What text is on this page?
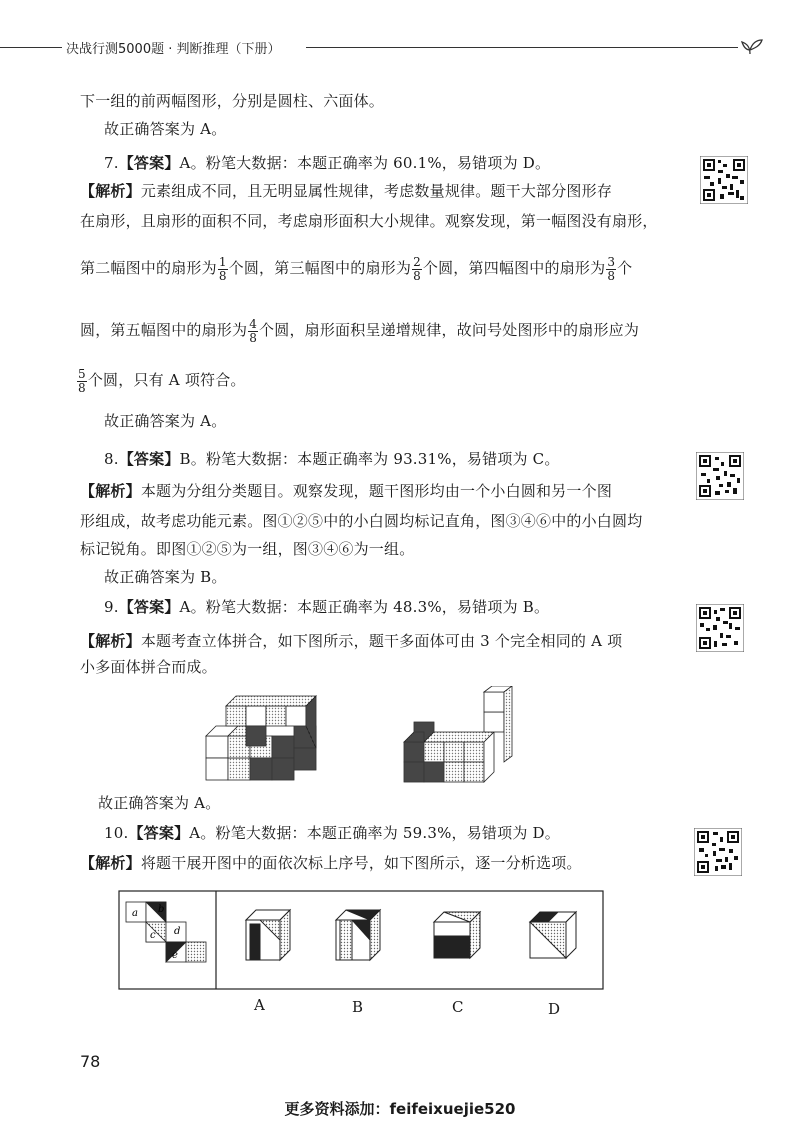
决战行测5000题 · 判断推理（下册）
下一组的前两幅图形，分别是圆柱、六面体。
故正确答案为 A。
7.【答案】A。粉笔大数据：本题正确率为 60.1%，易错项为 D。
【解析】元素组成不同，且无明显属性规律，考虑数量规律。题干大部分图形存
在扇形，且扇形的面积不同，考虑扇形面积大小规律。观察发现，第一幅图没有扇形，
第二幅图中的扇形为 $\frac{1}{8}$ 个圆，第三幅图中的扇形为 $\frac{2}{8}$ 个圆，第四幅图中的扇形为 $\frac{3}{8}$ 个
圆，第五幅图中的扇形为 $\frac{4}{8}$ 个圆，扇形面积呈递增规律，故问号处图形中的扇形应为
$\frac{5}{8}$ 个圆，只有 A 项符合。
故正确答案为 A。
8.【答案】B。粉笔大数据：本题正确率为 93.31%，易错项为 C。
【解析】本题为分组分类题目。观察发现，题干图形均由一个小白圆和另一个图
形组成，故考虑功能元素。图①②⑤中的小白圆均标记直角，图③④⑥中的小白圆均
标记锐角。即图①②⑤为一组，图③④⑥为一组。
故正确答案为 B。
9.【答案】A。粉笔大数据：本题正确率为 48.3%，易错项为 B。
【解析】本题考查立体拼合，如下图所示，题干多面体可由 3 个完全相同的 A 项
小多面体拼合而成。
故正确答案为 A。
10.【答案】A。粉笔大数据：本题正确率为 59.3%，易错项为 D。
【解析】将题干展开图中的面依次标上序号，如下图所示，逐一分析选项。
a b
c d
e
A	B	C	D
78
更多资料添加：feifeixuejie520
